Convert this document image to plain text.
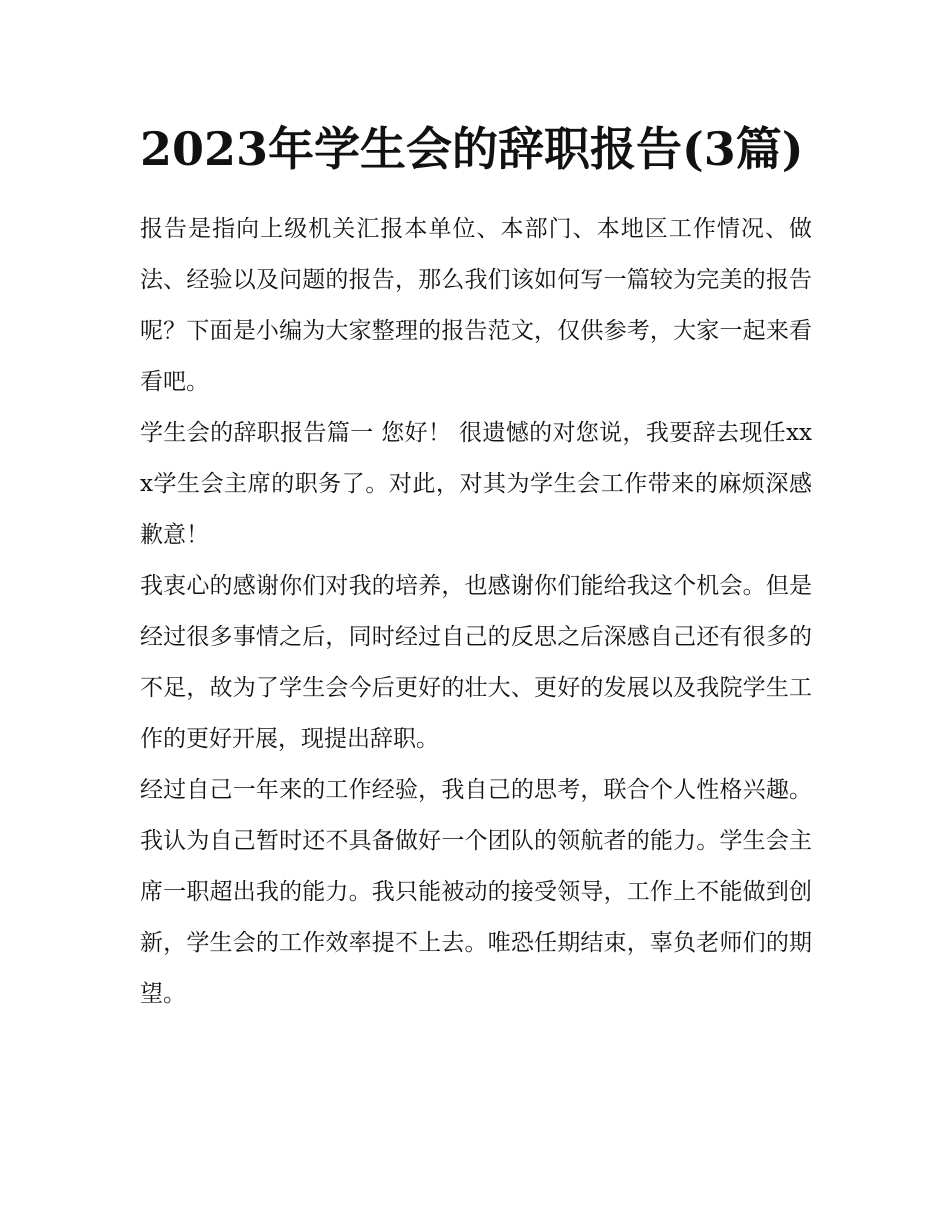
2023年学生会的辞职报告(3篇)

报告是指向上级机关汇报本单位、本部门、本地区工作情况、做法、经验以及问题的报告，那么我们该如何写一篇较为完美的报告呢？下面是小编为大家整理的报告范文，仅供参考，大家一起来看看吧。

学生会的辞职报告篇一 您好！ 很遗憾的对您说，我要辞去现任xxx学生会主席的职务了。对此，对其为学生会工作带来的麻烦深感歉意！

我衷心的感谢你们对我的培养，也感谢你们能给我这个机会。但是经过很多事情之后，同时经过自己的反思之后深感自己还有很多的不足，故为了学生会今后更好的壮大、更好的发展以及我院学生工作的更好开展，现提出辞职。

经过自己一年来的工作经验，我自己的思考，联合个人性格兴趣。我认为自己暂时还不具备做好一个团队的领航者的能力。学生会主席一职超出我的能力。我只能被动的接受领导，工作上不能做到创新，学生会的工作效率提不上去。唯恐任期结束，辜负老师们的期望。
